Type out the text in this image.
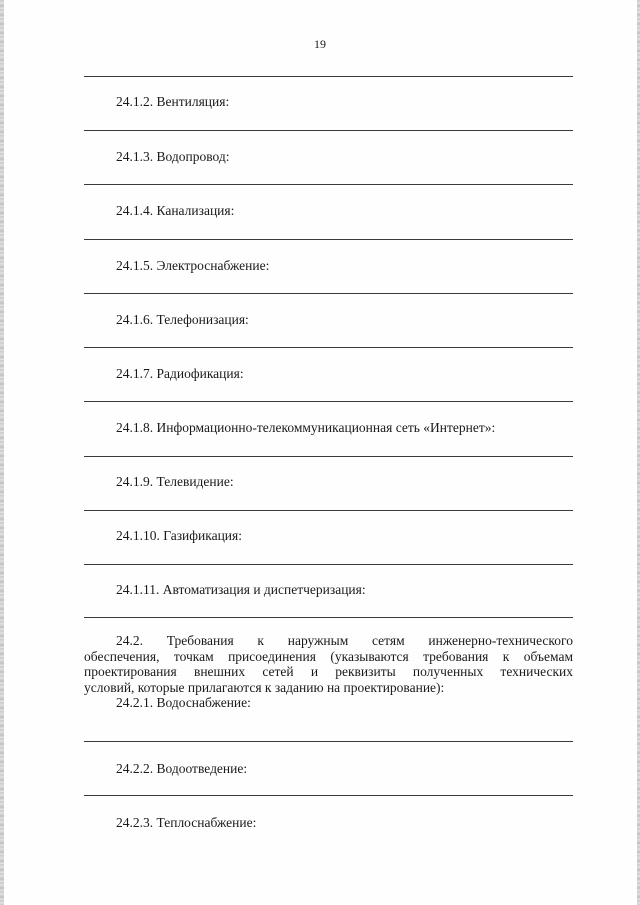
19
24.1.2. Вентиляция:
24.1.3. Водопровод:
24.1.4. Канализация:
24.1.5. Электроснабжение:
24.1.6. Телефонизация:
24.1.7. Радиофикация:
24.1.8. Информационно-телекоммуникационная сеть «Интернет»:
24.1.9. Телевидение:
24.1.10. Газификация:
24.1.11. Автоматизация и диспетчеризация:
24.2. Требования к наружным сетям инженерно-технического
обеспечения, точкам присоединения (указываются требования к объемам
проектирования внешних сетей и реквизиты полученных технических
условий, которые прилагаются к заданию на проектирование):
24.2.1. Водоснабжение:
24.2.2. Водоотведение:
24.2.3. Теплоснабжение:
